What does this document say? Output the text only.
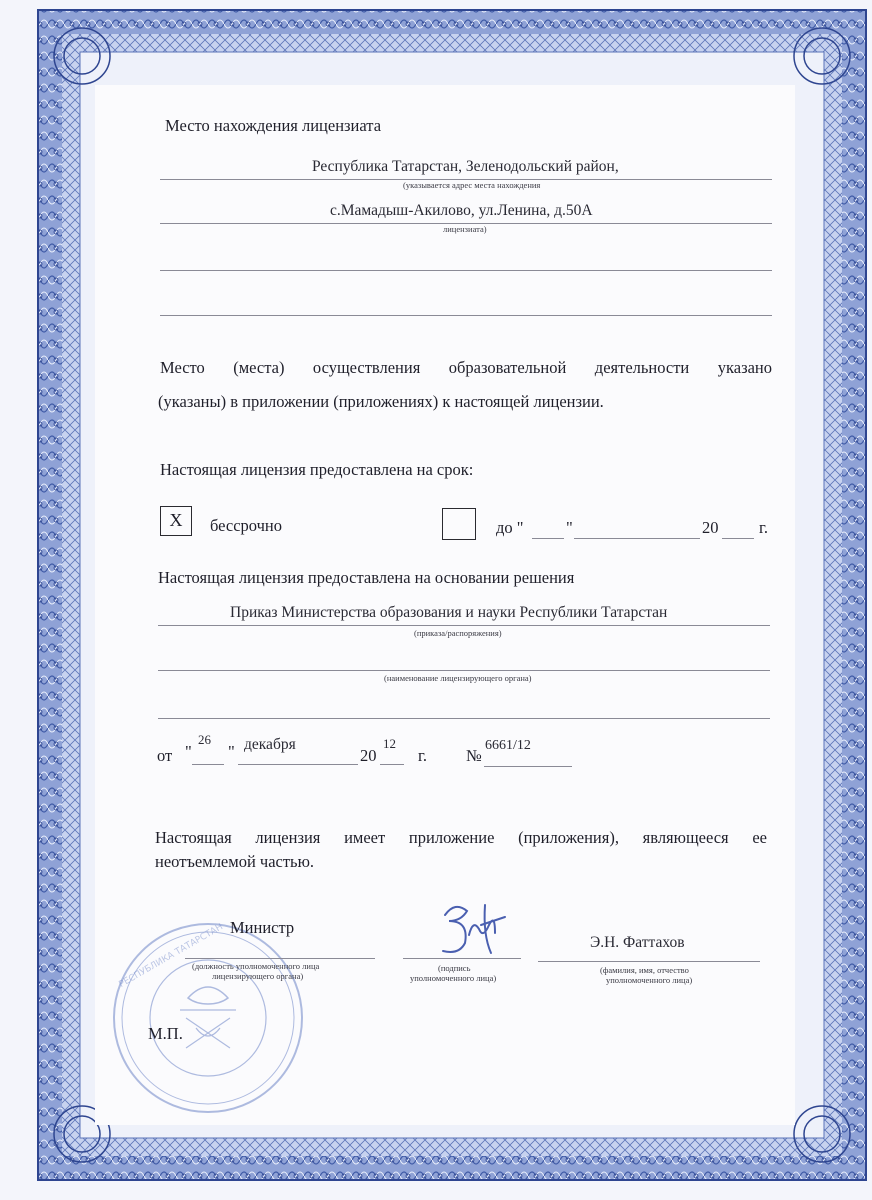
Место нахождения лицензиата
Республика Татарстан, Зеленодольский район,
(указывается адрес места нахождения
с.Мамадыш-Акилово, ул.Ленина, д.50А
лицензиата)
Место (места) осуществления образовательной деятельности указано
(указаны) в приложении (приложениях) к настоящей лицензии.
Настоящая лицензия предоставлена на срок:
X	бессрочно	до "	"	20 г.
Настоящая лицензия предоставлена на основании решения
Приказ Министерства образования и науки Республики Татарстан
(приказа/распоряжения)
(наименование лицензирующего органа)
от "
26
" декабря
20
12
г. №
6661/12
Настоящая лицензия имеет приложение (приложения), являющееся ее
неотъемлемой частью.
РЕСПУБЛИКА ТАТАРСТАН Министр
(должность уполномоченного лица
лицензирующего органа)
(подпись
уполномоченного лица)
Э.Н. Фаттахов
(фамилия, имя, отчество
уполномоченного лица)
М.П.
